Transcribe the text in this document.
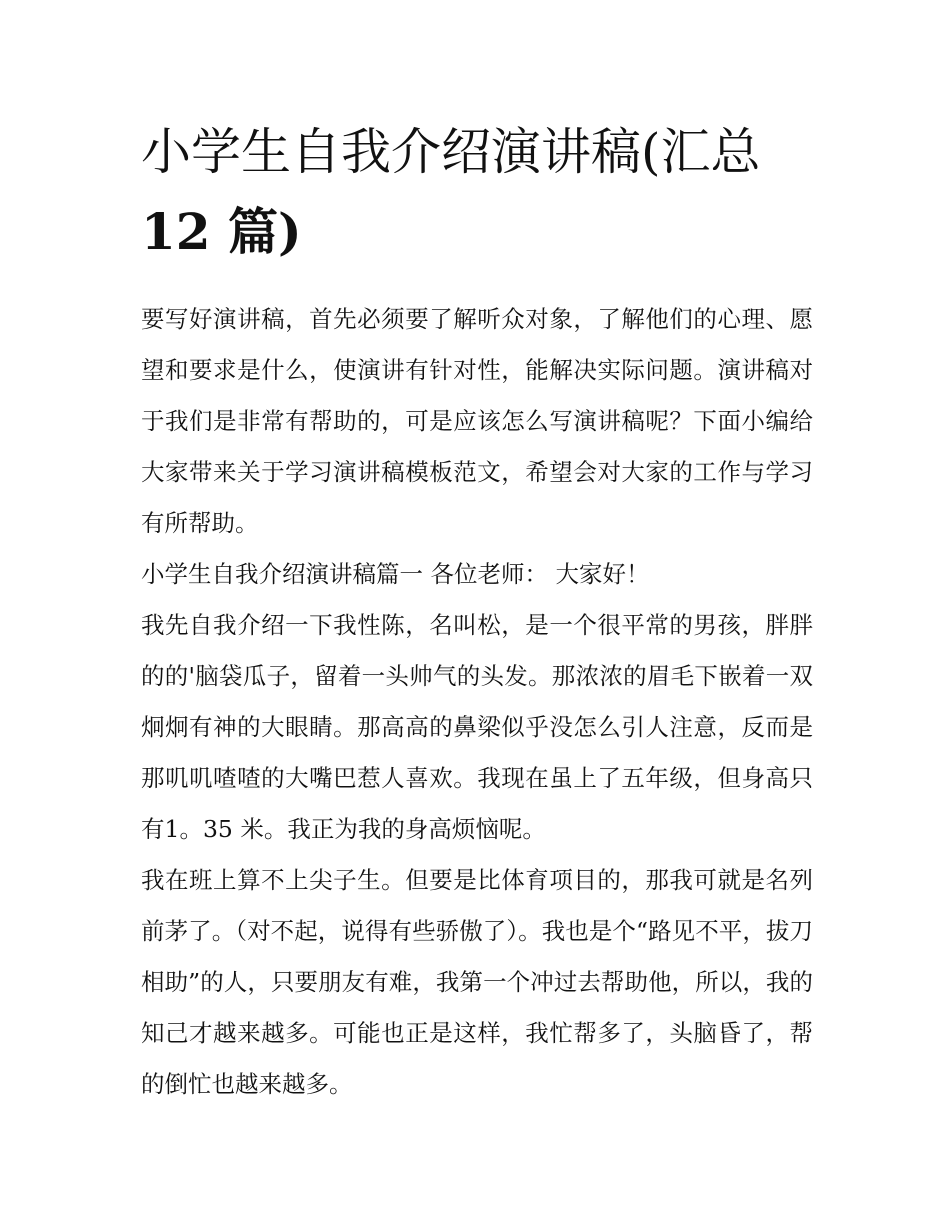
小学生自我介绍演讲稿(汇总
12 篇)

要写好演讲稿，首先必须要了解听众对象，了解他们的心理、愿望和要求是什么，使演讲有针对性，能解决实际问题。演讲稿对于我们是非常有帮助的，可是应该怎么写演讲稿呢？下面小编给大家带来关于学习演讲稿模板范文，希望会对大家的工作与学习有所帮助。

小学生自我介绍演讲稿篇一 各位老师： 大家好！

我先自我介绍一下我性陈，名叫松，是一个很平常的男孩，胖胖的的'脑袋瓜子，留着一头帅气的头发。那浓浓的眉毛下嵌着一双炯炯有神的大眼睛。那高高的鼻梁似乎没怎么引人注意，反而是那叽叽喳喳的大嘴巴惹人喜欢。我现在虽上了五年级，但身高只有1。35 米。我正为我的身高烦恼呢。

我在班上算不上尖子生。但要是比体育项目的，那我可就是名列前茅了。（对不起，说得有些骄傲了）。我也是个“路见不平，拔刀相助”的人，只要朋友有难，我第一个冲过去帮助他，所以，我的知己才越来越多。可能也正是这样，我忙帮多了，头脑昏了，帮的倒忙也越来越多。
